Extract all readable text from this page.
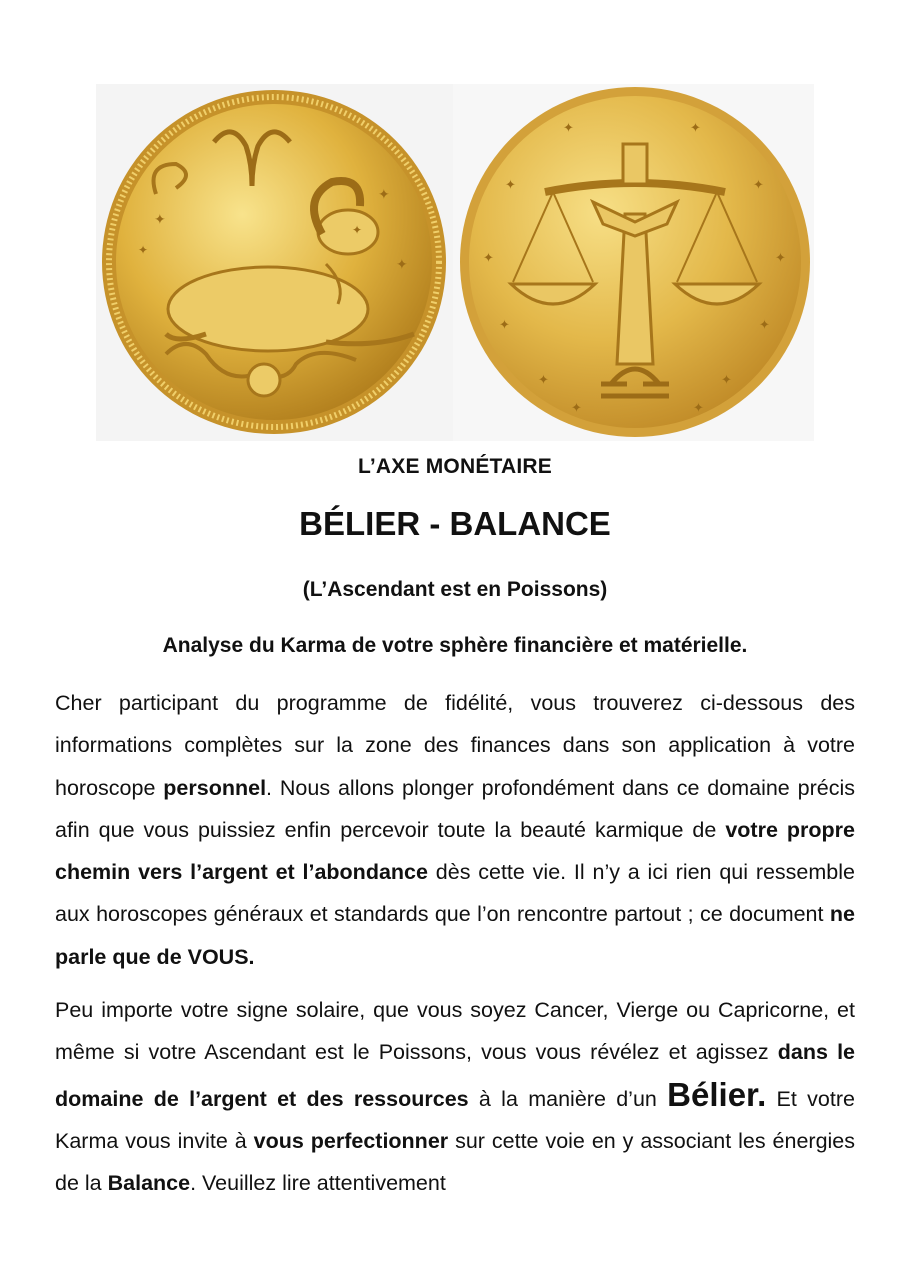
✦
✦
✦
✦
✦
✦	✦
✦	✦
✦	✦
✦	✦
✦	✦
✦	✦
L’AXE MONÉTAIRE
BÉLIER - BALANCE
(L’Ascendant est en Poissons)
Analyse du Karma de votre sphère financière et matérielle.

Cher participant du programme de fidélité, vous trouverez ci-dessous des informations complètes sur la zone des finances dans son application à votre horoscope personnel. Nous allons plonger profondément dans ce domaine précis afin que vous puissiez enfin percevoir toute la beauté karmique de votre propre chemin vers l’argent et l’abondance dès cette vie. Il n’y a ici rien qui ressemble aux horoscopes généraux et standards que l’on rencontre partout ; ce document ne parle que de VOUS.

Peu importe votre signe solaire, que vous soyez Cancer, Vierge ou Capricorne, et même si votre Ascendant est le Poissons, vous vous révélez et agissez dans le domaine de l’argent et des ressources à la manière d’un Bélier. Et votre Karma vous invite à vous perfectionner sur cette voie en y associant les énergies de la Balance. Veuillez lire attentivement
